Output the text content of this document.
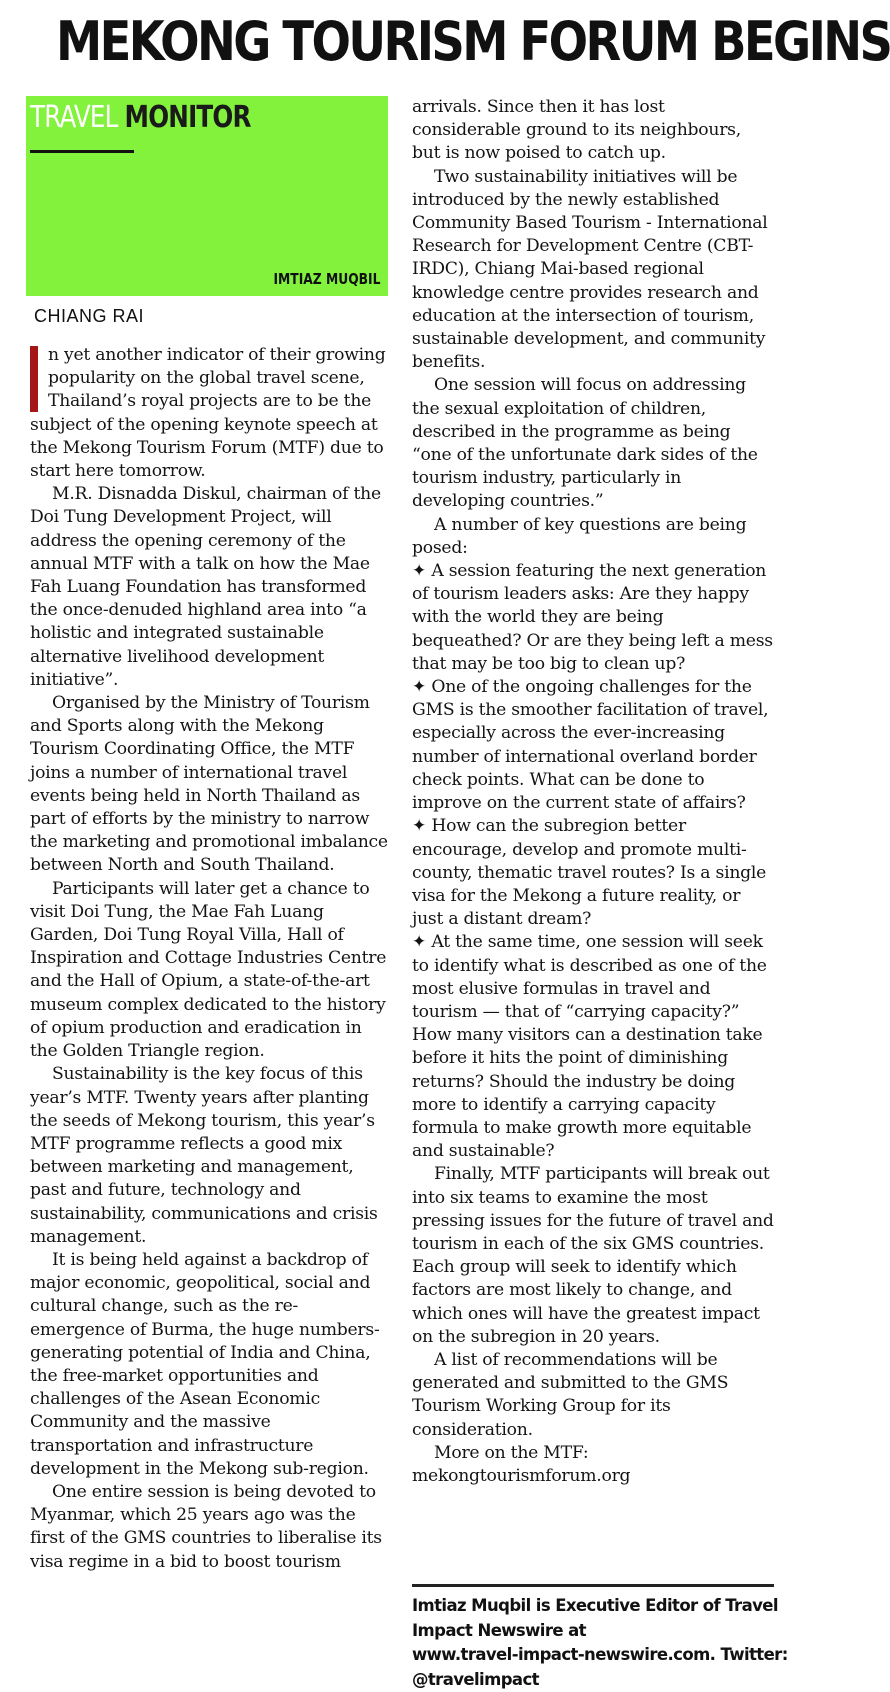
MEKONG TOURISM FORUM BEGINS
TRAVEL MONITOR
IMTIAZ MUQBIL
CHIANG RAI

n yet another indicator of their growing popularity on the global travel scene, Thailand’s royal projects are to be the subject of the opening keynote speech at the Mekong Tourism Forum (MTF) due to start here tomorrow.

M.R. Disnadda Diskul, chairman of the Doi Tung Development Project, will address the opening ceremony of the annual MTF with a talk on how the Mae Fah Luang Foundation has transformed the once-denuded highland area into “a holistic and integrated sustainable alternative livelihood development initiative”.

Organised by the Ministry of Tourism and Sports along with the Mekong Tourism Coordinating Office, the MTF joins a number of international travel events being held in North Thailand as part of efforts by the ministry to narrow the marketing and promotional imbalance between North and South Thailand.

Participants will later get a chance to visit Doi Tung, the Mae Fah Luang Garden, Doi Tung Royal Villa, Hall of Inspiration and Cottage Industries Centre and the Hall of Opium, a state-of-the-art museum complex dedicated to the history of opium production and eradication in the Golden Triangle region.

Sustainability is the key focus of this year’s MTF. Twenty years after planting the seeds of Mekong tourism, this year’s MTF programme reflects a good mix between marketing and management, past and future, technology and sustainability, communications and crisis management.

It is being held against a backdrop of major economic, geopolitical, social and cultural change, such as the re-emergence of Burma, the huge numbers-generating potential of India and China, the free-market opportunities and challenges of the Asean Economic Community and the massive transportation and infrastructure development in the Mekong sub-region.

One entire session is being devoted to Myanmar, which 25 years ago was the first of the GMS countries to liberalise its visa regime in a bid to boost tourism

arrivals. Since then it has lost considerable ground to its neighbours, but is now poised to catch up.

Two sustainability initiatives will be introduced by the newly established Community Based Tourism - International Research for Development Centre (CBT-IRDC), Chiang Mai-based regional knowledge centre provides research and education at the intersection of tourism, sustainable development, and community benefits.

One session will focus on addressing the sexual exploitation of children, described in the programme as being “one of the unfortunate dark sides of the tourism industry, particularly in developing countries.”

A number of key questions are being posed:

✦ A session featuring the next generation of tourism leaders asks: Are they happy with the world they are being bequeathed? Or are they being left a mess that may be too big to clean up?

✦ One of the ongoing challenges for the GMS is the smoother facilitation of travel, especially across the ever-increasing number of international overland border check points. What can be done to improve on the current state of affairs?

✦ How can the subregion better encourage, develop and promote multi-county, thematic travel routes? Is a single visa for the Mekong a future reality, or just a distant dream?

✦ At the same time, one session will seek to identify what is described as one of the most elusive formulas in travel and tourism — that of “carrying capacity?” How many visitors can a destination take before it hits the point of diminishing returns? Should the industry be doing more to identify a carrying capacity formula to make growth more equitable and sustainable?

Finally, MTF participants will break out into six teams to examine the most pressing issues for the future of travel and tourism in each of the six GMS countries. Each group will seek to identify which factors are most likely to change, and which ones will have the greatest impact on the subregion in 20 years.

A list of recommendations will be generated and submitted to the GMS Tourism Working Group for its consideration.

More on the MTF: mekongtourismforum.org

Imtiaz Muqbil is Executive Editor of Travel
Impact Newswire at
www.travel-impact-newswire.com. Twitter:
@travelimpact
